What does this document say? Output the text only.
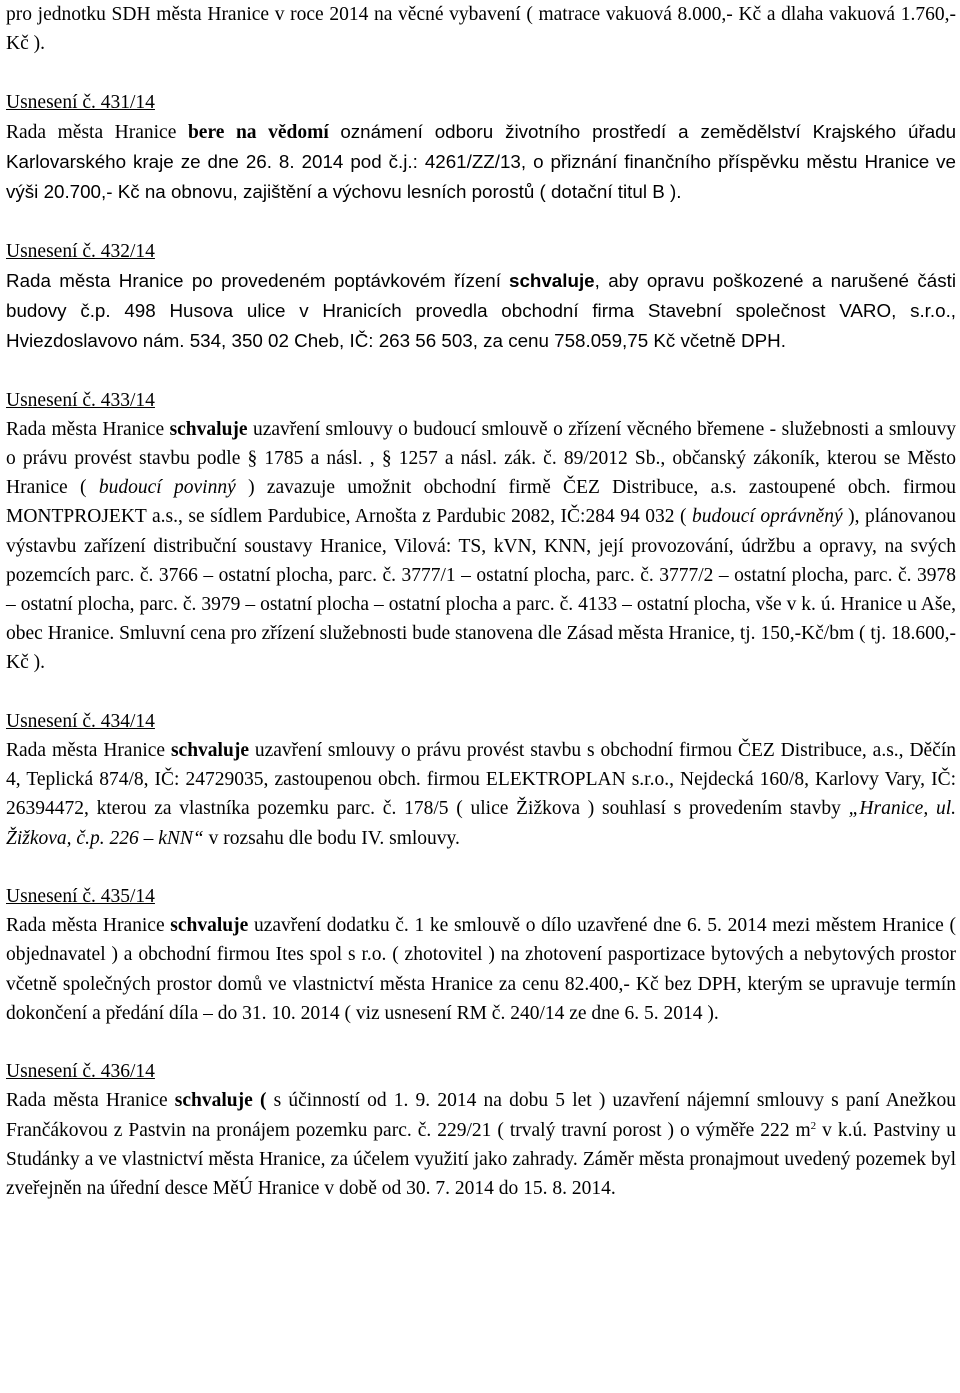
pro jednotku SDH města Hranice v roce 2014 na věcné vybavení ( matrace vakuová 8.000,- Kč a dlaha vakuová 1.760,- Kč ).

Usnesení č. 431/14
Rada města Hranice bere na vědomí oznámení odboru životního prostředí a zemědělství Krajského úřadu Karlovarského kraje ze dne 26. 8. 2014 pod č.j.: 4261/ZZ/13, o přiznání finančního příspěvku městu Hranice ve výši 20.700,- Kč na obnovu, zajištění a výchovu lesních porostů ( dotační titul B ).

Usnesení č. 432/14
Rada města Hranice po provedeném poptávkovém řízení schvaluje, aby opravu poškozené a narušené části budovy č.p. 498 Husova ulice v Hranicích provedla obchodní firma Stavební společnost VARO, s.r.o., Hviezdoslavovo nám. 534, 350 02 Cheb, IČ: 263 56 503, za cenu 758.059,75 Kč včetně DPH.

Usnesení č. 433/14
Rada města Hranice schvaluje uzavření smlouvy o budoucí smlouvě o zřízení věcného břemene - služebnosti a smlouvy o právu provést stavbu podle § 1785 a násl. , § 1257 a násl. zák. č. 89/2012 Sb., občanský zákoník, kterou se Město Hranice ( budoucí povinný ) zavazuje umožnit obchodní firmě ČEZ Distribuce, a.s. zastoupené obch. firmou MONTPROJEKT a.s., se sídlem Pardubice, Arnošta z Pardubic 2082, IČ:284 94 032 ( budoucí oprávněný ), plánovanou výstavbu zařízení distribuční soustavy Hranice, Vilová: TS, kVN, KNN, její provozování, údržbu a opravy, na svých pozemcích parc. č. 3766 – ostatní plocha, parc. č. 3777/1 – ostatní plocha, parc. č. 3777/2 – ostatní plocha, parc. č. 3978 – ostatní plocha, parc. č. 3979 – ostatní plocha – ostatní plocha a parc. č. 4133 – ostatní plocha, vše v k. ú. Hranice u Aše, obec Hranice. Smluvní cena pro zřízení služebnosti bude stanovena dle Zásad města Hranice, tj. 150,-Kč/bm ( tj. 18.600,- Kč ).

Usnesení č. 434/14
Rada města Hranice schvaluje uzavření smlouvy o právu provést stavbu s obchodní firmou ČEZ Distribuce, a.s., Děčín 4, Teplická 874/8, IČ: 24729035, zastoupenou obch. firmou ELEKTROPLAN s.r.o., Nejdecká 160/8, Karlovy Vary, IČ: 26394472, kterou za vlastníka pozemku parc. č. 178/5 ( ulice Žižkova ) souhlasí s provedením stavby „Hranice, ul. Žižkova, č.p. 226 – kNN“ v rozsahu dle bodu IV. smlouvy.

Usnesení č. 435/14
Rada města Hranice schvaluje uzavření dodatku č. 1 ke smlouvě o dílo uzavřené dne 6. 5. 2014 mezi městem Hranice ( objednavatel ) a obchodní firmou Ites spol s r.o. ( zhotovitel ) na zhotovení pasportizace bytových a nebytových prostor včetně společných prostor domů ve vlastnictví města Hranice za cenu 82.400,- Kč bez DPH, kterým se upravuje termín dokončení a předání díla – do 31. 10. 2014 ( viz usnesení RM č. 240/14 ze dne 6. 5. 2014 ).

Usnesení č. 436/14
Rada města Hranice schvaluje ( s účinností od 1. 9. 2014 na dobu 5 let ) uzavření nájemní smlouvy s paní Anežkou Frančákovou z Pastvin na pronájem pozemku parc. č. 229/21 ( trvalý travní porost ) o výměře 222 $m^2$ v k.ú. Pastviny u Studánky a ve vlastnictví města Hranice, za účelem využití jako zahrady. Záměr města pronajmout uvedený pozemek byl zveřejněn na úřední desce MěÚ Hranice v době od 30. 7. 2014 do 15. 8. 2014.
